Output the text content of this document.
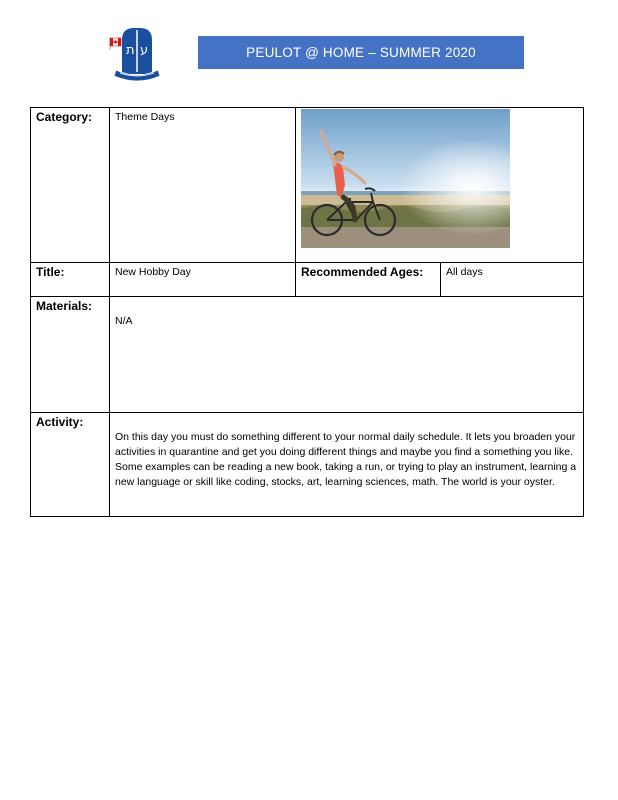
ת ע	PEULOT @ HOME – SUMMER 2020
Category:	Theme Days	

Title:	New Hobby Day	Recommended Ages:	All days
Materials:	N/A		
Activity:	On this day you must do something different to your normal daily schedule. It lets you broaden your activities in quarantine and get you doing different things and maybe you find a something you like. Some examples can be reading a new book, taking a run, or trying to play an instrument, learning a new language or skill like coding, stocks, art, learning sciences, math. The world is your oyster.		
